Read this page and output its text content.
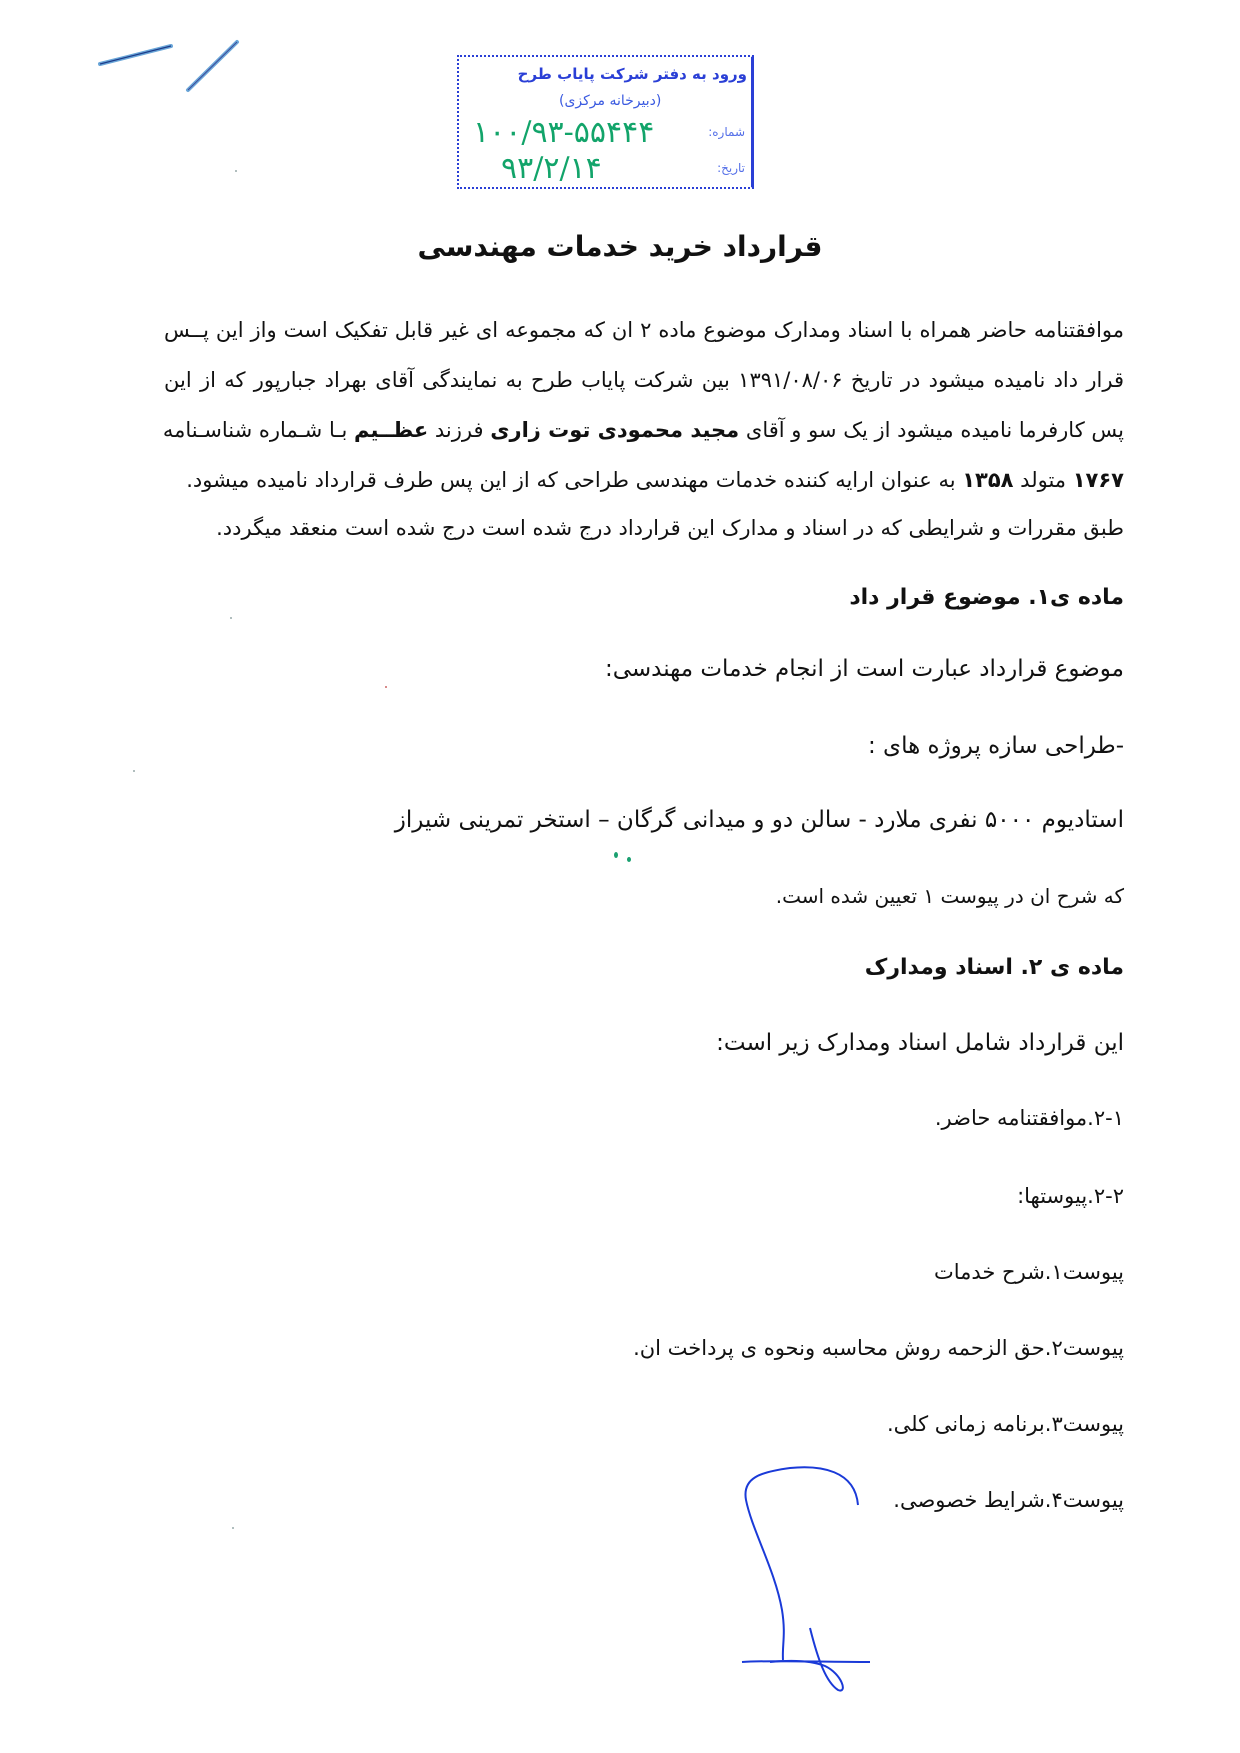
ورود به دفتر شرکت پایاب طرح
(دبیرخانه مرکزی)
شماره:
۱۰۰/۹۳-۵۵۴۴۴
تاریخ:
۹۳/۲/۱۴
قرارداد خرید خدمات مهندسی
موافقتنامه حاضر همراه با اسناد ومدارک موضوع ماده ۲ ان که مجموعه ای غیر قابل تفکیک است واز این پــس
قرار داد نامیده میشود در تاریخ ۱۳۹۱/۰۸/۰۶ بین شرکت پایاب طرح به نمایندگی آقای بهراد جبارپور که از این
پس کارفرما نامیده میشود از یک سو و آقای مجید محمودی توت زاری فرزند عظــیم بـا شـماره شناسـنامه
۱۷۶۷ متولد ۱۳۵۸ به عنوان ارایه کننده خدمات مهندسی طراحی که از این پس طرف قرارداد نامیده میشود.
طبق مقررات و شرایطی که در اسناد و مدارک این قرارداد درج شده است درج شده است منعقد میگردد.
ماده ی۱. موضوع قرار داد
موضوع قرارداد عبارت است از انجام خدمات مهندسی:
-طراحی سازه پروژه های :
استادیوم ۵۰۰۰ نفری ملارد - سالن دو و میدانی گرگان – استخر تمرینی شیراز
که شرح ان در پیوست ۱ تعیین شده است.
ماده ی ۲. اسناد ومدارک
این قرارداد شامل اسناد ومدارک زیر است:
۲-۱.موافقتنامه حاضر.
۲-۲.پیوستها:
پیوست۱.شرح خدمات
پیوست۲.حق الزحمه روش محاسبه ونحوه ی پرداخت ان.
پیوست۳.برنامه زمانی کلی.
پیوست۴.شرایط خصوصی.
